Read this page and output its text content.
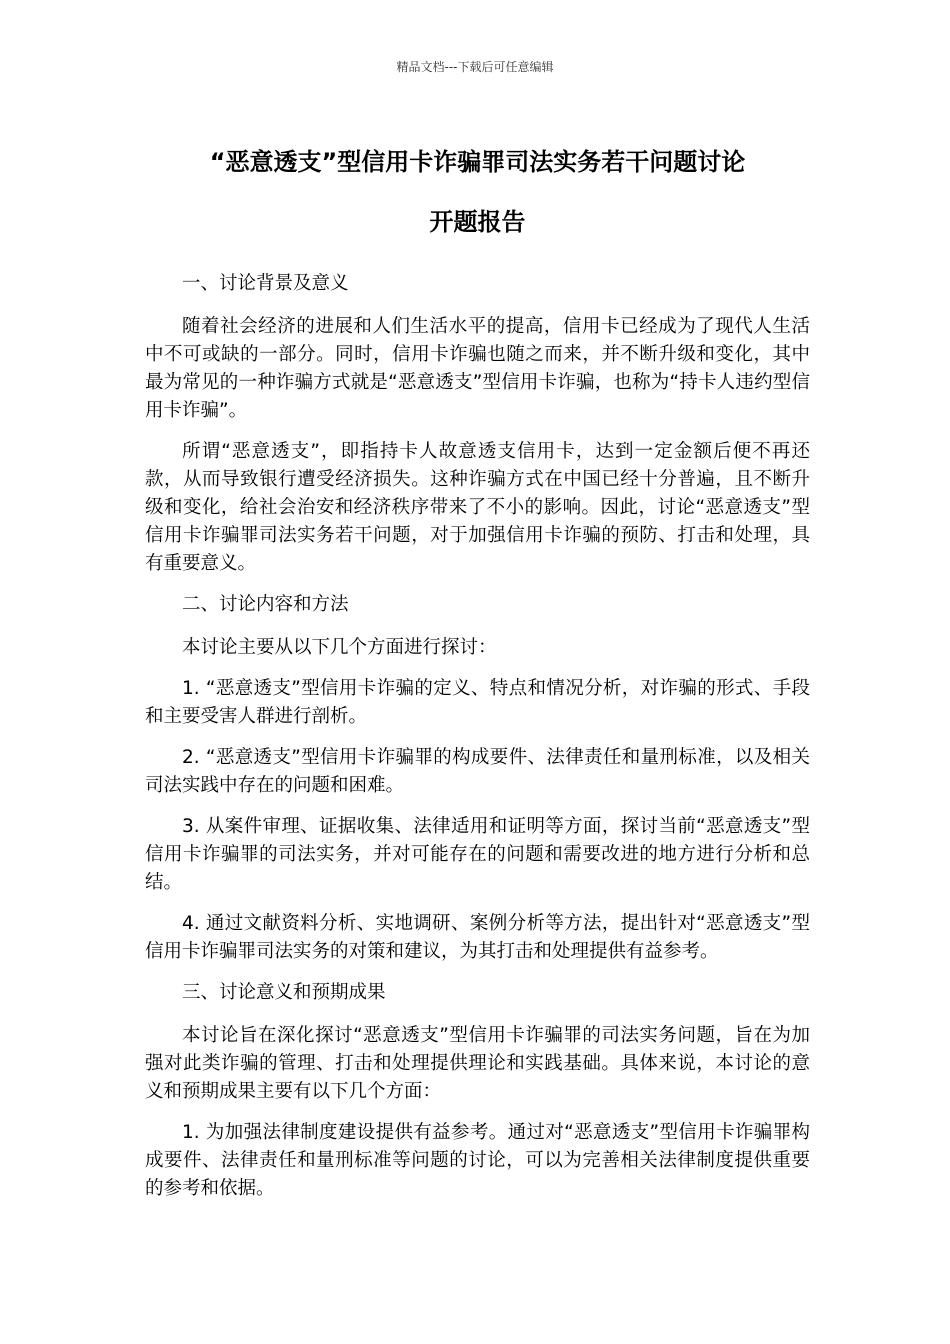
精品文档---下载后可任意编辑
“恶意透支”型信用卡诈骗罪司法实务若干问题讨论
开题报告

一、讨论背景及意义

随着社会经济的进展和人们生活水平的提高，信用卡已经成为了现代人生活中不可或缺的一部分。同时，信用卡诈骗也随之而来，并不断升级和变化，其中最为常见的一种诈骗方式就是“恶意透支”型信用卡诈骗，也称为“持卡人违约型信用卡诈骗”。

所谓“恶意透支”，即指持卡人故意透支信用卡，达到一定金额后便不再还款，从而导致银行遭受经济损失。这种诈骗方式在中国已经十分普遍，且不断升级和变化，给社会治安和经济秩序带来了不小的影响。因此，讨论“恶意透支”型信用卡诈骗罪司法实务若干问题，对于加强信用卡诈骗的预防、打击和处理，具有重要意义。

二、讨论内容和方法

本讨论主要从以下几个方面进行探讨：

1. “恶意透支”型信用卡诈骗的定义、特点和情况分析，对诈骗的形式、手段和主要受害人群进行剖析。

2. “恶意透支”型信用卡诈骗罪的构成要件、法律责任和量刑标准，以及相关司法实践中存在的问题和困难。

3. 从案件审理、证据收集、法律适用和证明等方面，探讨当前“恶意透支”型信用卡诈骗罪的司法实务，并对可能存在的问题和需要改进的地方进行分析和总结。

4. 通过文献资料分析、实地调研、案例分析等方法，提出针对“恶意透支”型信用卡诈骗罪司法实务的对策和建议，为其打击和处理提供有益参考。

三、讨论意义和预期成果

本讨论旨在深化探讨“恶意透支”型信用卡诈骗罪的司法实务问题，旨在为加强对此类诈骗的管理、打击和处理提供理论和实践基础。具体来说，本讨论的意义和预期成果主要有以下几个方面：

1. 为加强法律制度建设提供有益参考。通过对“恶意透支”型信用卡诈骗罪构成要件、法律责任和量刑标准等问题的讨论，可以为完善相关法律制度提供重要的参考和依据。
